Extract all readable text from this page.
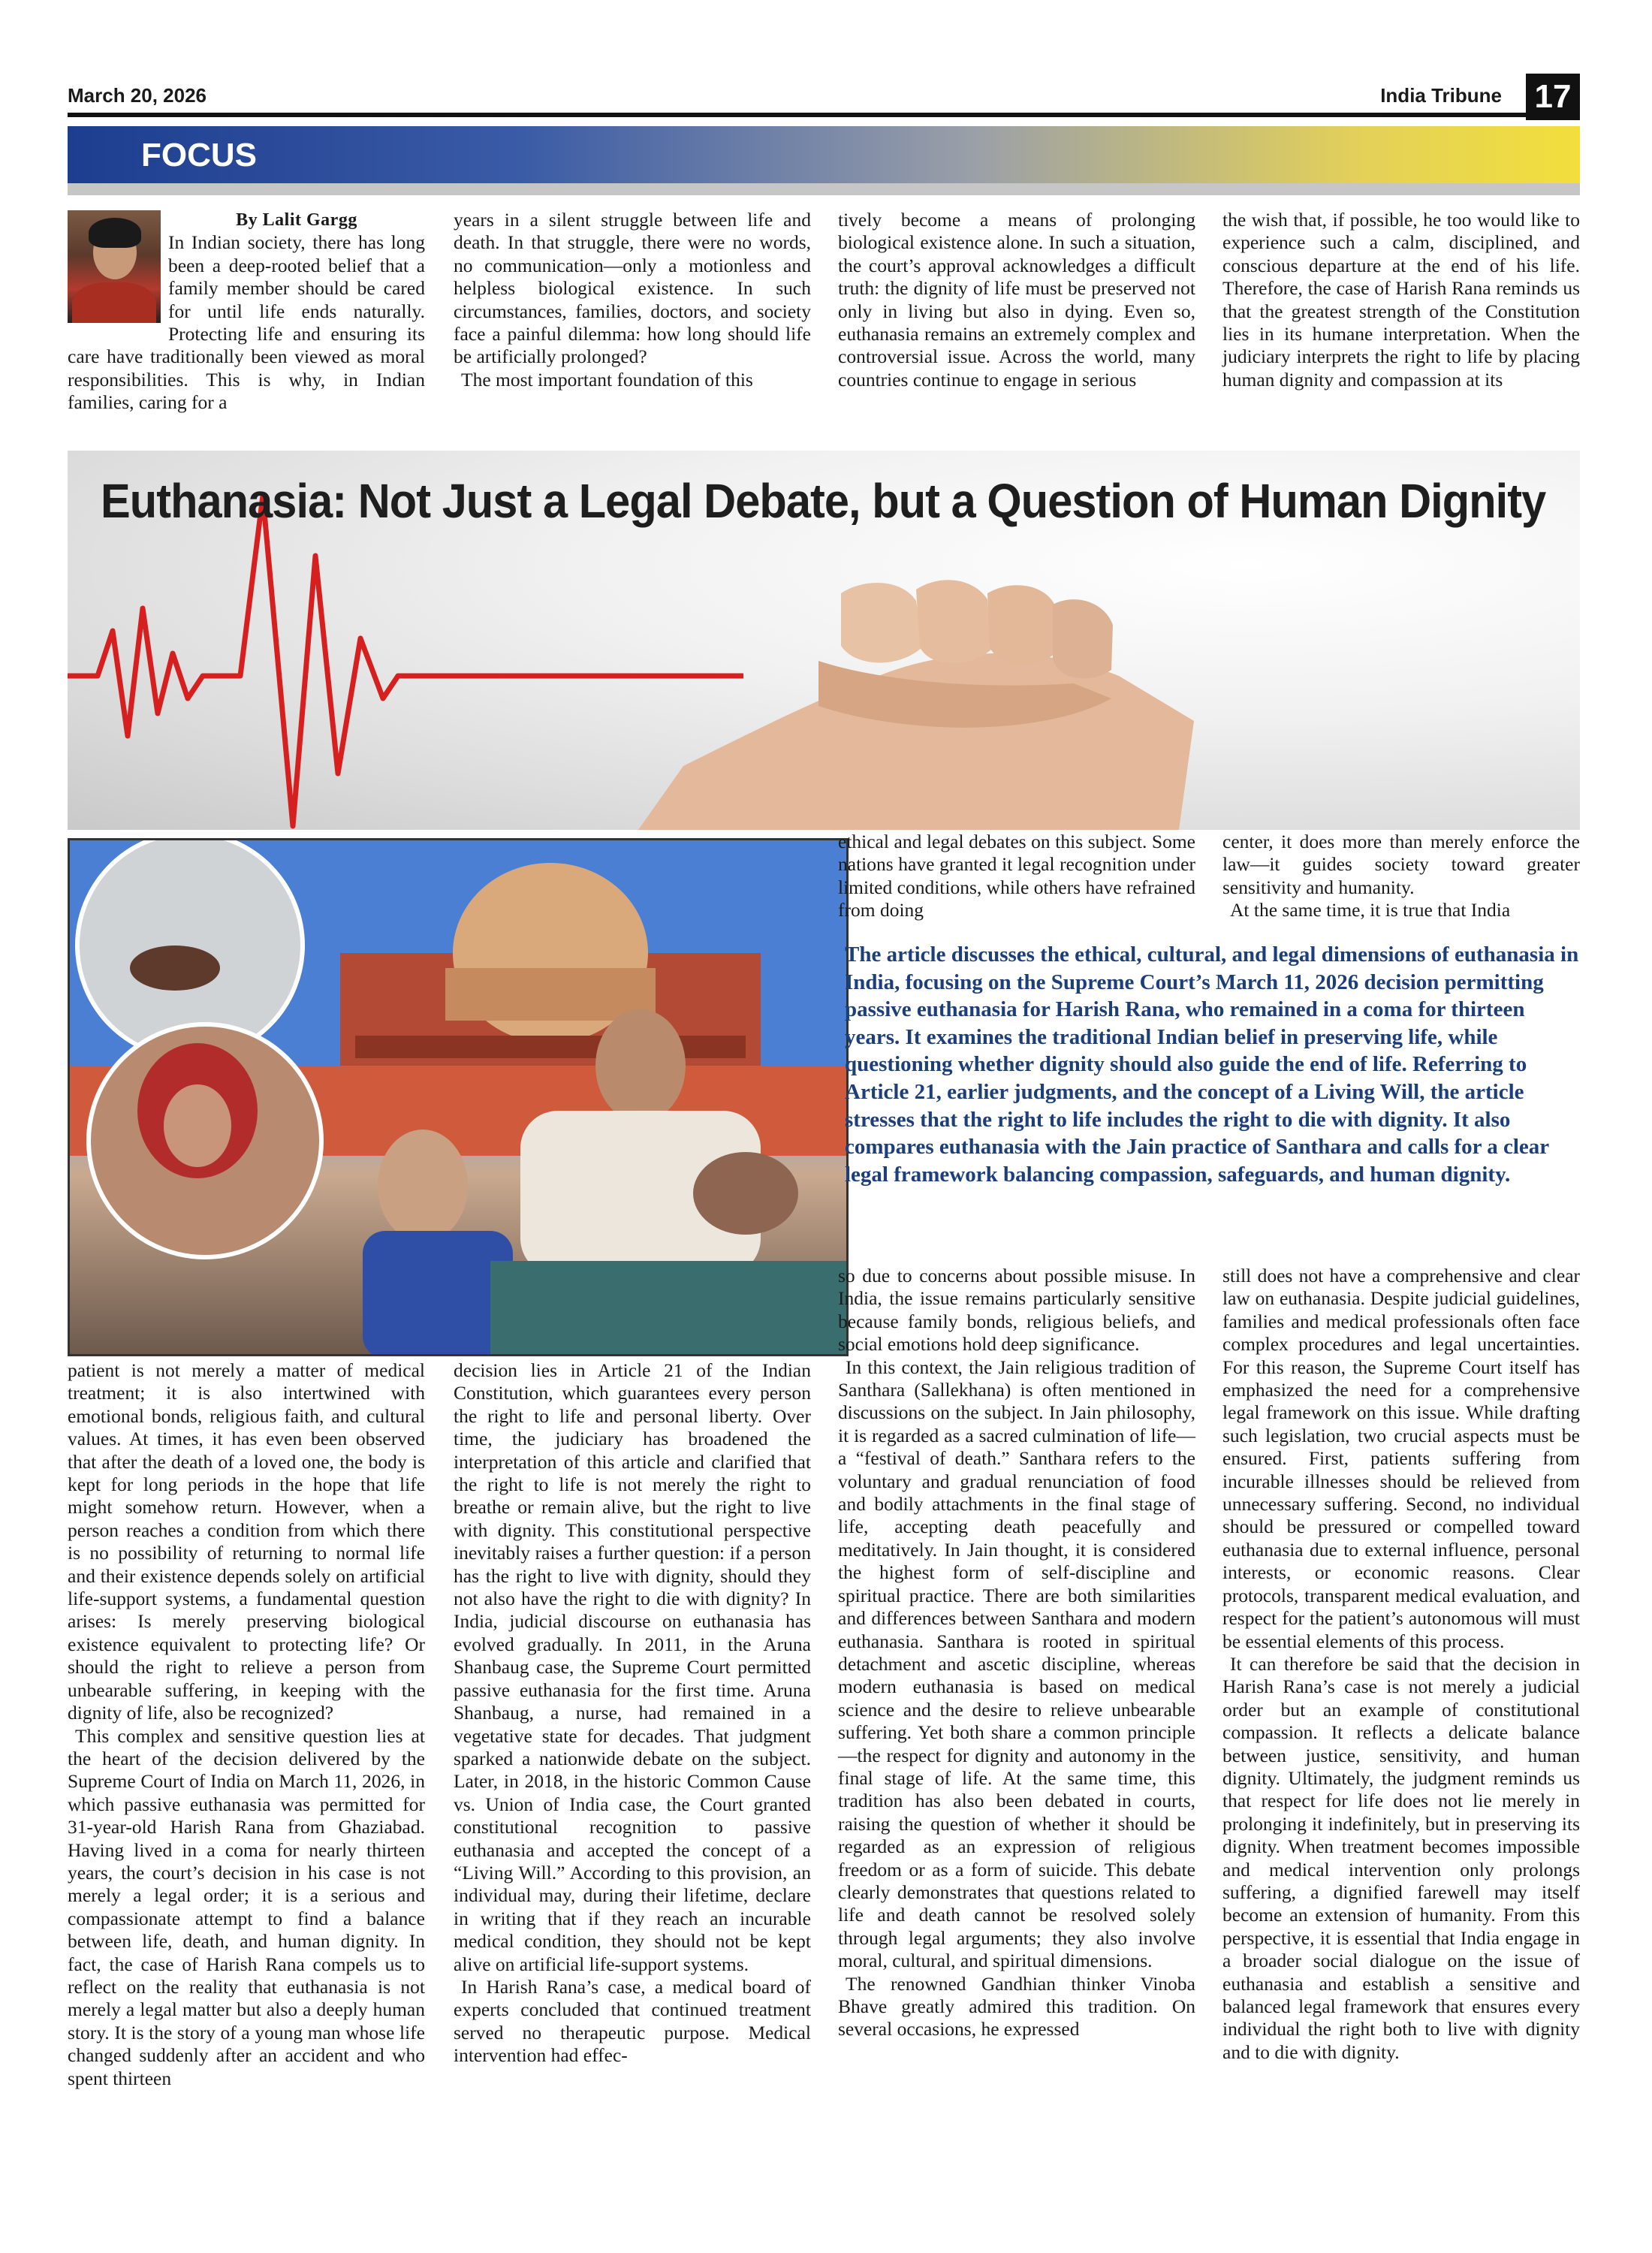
March 20, 2026	India Tribune 17
FOCUS
By Lalit Gargg

In Indian society, there has long been a deep-rooted belief that a family member should be cared for until life ends naturally. Protecting life and ensuring its care have traditionally been viewed as moral responsibilities. This is why, in Indian families, caring for a

years in a silent struggle between life and death. In that struggle, there were no words, no communication—only a motionless and helpless biological existence. In such circumstances, families, doctors, and society face a painful dilemma: how long should life be artificially prolonged?

The most important foundation of this

tively become a means of prolonging biological existence alone. In such a situation, the court’s approval acknowledges a difficult truth: the dignity of life must be preserved not only in living but also in dying. Even so, euthanasia remains an extremely complex and controversial issue. Across the world, many countries continue to engage in serious

the wish that, if possible, he too would like to experience such a calm, disciplined, and conscious departure at the end of his life. Therefore, the case of Harish Rana reminds us that the greatest strength of the Constitution lies in its humane interpretation. When the judiciary interprets the right to life by placing human dignity and compassion at its

Euthanasia: Not Just a Legal Debate, but a Question of Human Dignity

ethical and legal debates on this subject. Some nations have granted it legal recognition under limited conditions, while others have refrained from doing

center, it does more than merely enforce the law—it guides society toward greater sensitivity and humanity.

At the same time, it is true that India

The article discusses the ethical, cultural, and legal dimensions of euthanasia in India, focusing on the Supreme Court’s March 11, 2026 decision permitting passive euthanasia for Harish Rana, who remained in a coma for thirteen years. It examines the traditional Indian belief in preserving life, while questioning whether dignity should also guide the end of life. Referring to Article 21, earlier judgments, and the concept of a Living Will, the article stresses that the right to life includes the right to die with dignity. It also compares euthanasia with the Jain practice of Santhara and calls for a clear legal framework balancing compassion, safeguards, and human dignity.

patient is not merely a matter of medical treatment; it is also intertwined with emotional bonds, religious faith, and cultural values. At times, it has even been observed that after the death of a loved one, the body is kept for long periods in the hope that life might somehow return. However, when a person reaches a condition from which there is no possibility of returning to normal life and their existence depends solely on artificial life-support systems, a fundamental question arises: Is merely preserving biological existence equivalent to protecting life? Or should the right to relieve a person from unbearable suffering, in keeping with the dignity of life, also be recognized?

This complex and sensitive question lies at the heart of the decision delivered by the Supreme Court of India on March 11, 2026, in which passive euthanasia was permitted for 31-year-old Harish Rana from Ghaziabad. Having lived in a coma for nearly thirteen years, the court’s decision in his case is not merely a legal order; it is a serious and compassionate attempt to find a balance between life, death, and human dignity. In fact, the case of Harish Rana compels us to reflect on the reality that euthanasia is not merely a legal matter but also a deeply human story. It is the story of a young man whose life changed suddenly after an accident and who spent thirteen

decision lies in Article 21 of the Indian Constitution, which guarantees every person the right to life and personal liberty. Over time, the judiciary has broadened the interpretation of this article and clarified that the right to life is not merely the right to breathe or remain alive, but the right to live with dignity. This constitutional perspective inevitably raises a further question: if a person has the right to live with dignity, should they not also have the right to die with dignity? In India, judicial discourse on euthanasia has evolved gradually. In 2011, in the Aruna Shanbaug case, the Supreme Court permitted passive euthanasia for the first time. Aruna Shanbaug, a nurse, had remained in a vegetative state for decades. That judgment sparked a nationwide debate on the subject. Later, in 2018, in the historic Common Cause vs. Union of India case, the Court granted constitutional recognition to passive euthanasia and accepted the concept of a “Living Will.” According to this provision, an individual may, during their lifetime, declare in writing that if they reach an incurable medical condition, they should not be kept alive on artificial life-support systems.

In Harish Rana’s case, a medical board of experts concluded that continued treatment served no therapeutic purpose. Medical intervention had effec-

so due to concerns about possible misuse. In India, the issue remains particularly sensitive because family bonds, religious beliefs, and social emotions hold deep significance.

In this context, the Jain religious tradition of Santhara (Sallekhana) is often mentioned in discussions on the subject. In Jain philosophy, it is regarded as a sacred culmination of life—a “festival of death.” Santhara refers to the voluntary and gradual renunciation of food and bodily attachments in the final stage of life, accepting death peacefully and meditatively. In Jain thought, it is considered the highest form of self-discipline and spiritual practice. There are both similarities and differences between Santhara and modern euthanasia. Santhara is rooted in spiritual detachment and ascetic discipline, whereas modern euthanasia is based on medical science and the desire to relieve unbearable suffering. Yet both share a common principle—the respect for dignity and autonomy in the final stage of life. At the same time, this tradition has also been debated in courts, raising the question of whether it should be regarded as an expression of religious freedom or as a form of suicide. This debate clearly demonstrates that questions related to life and death cannot be resolved solely through legal arguments; they also involve moral, cultural, and spiritual dimensions.

The renowned Gandhian thinker Vinoba Bhave greatly admired this tradition. On several occasions, he expressed

still does not have a comprehensive and clear law on euthanasia. Despite judicial guidelines, families and medical professionals often face complex procedures and legal uncertainties. For this reason, the Supreme Court itself has emphasized the need for a comprehensive legal framework on this issue. While drafting such legislation, two crucial aspects must be ensured. First, patients suffering from incurable illnesses should be relieved from unnecessary suffering. Second, no individual should be pressured or compelled toward euthanasia due to external influence, personal interests, or economic reasons. Clear protocols, transparent medical evaluation, and respect for the patient’s autonomous will must be essential elements of this process.

It can therefore be said that the decision in Harish Rana’s case is not merely a judicial order but an example of constitutional compassion. It reflects a delicate balance between justice, sensitivity, and human dignity. Ultimately, the judgment reminds us that respect for life does not lie merely in prolonging it indefinitely, but in preserving its dignity. When treatment becomes impossible and medical intervention only prolongs suffering, a dignified farewell may itself become an extension of humanity. From this perspective, it is essential that India engage in a broader social dialogue on the issue of euthanasia and establish a sensitive and balanced legal framework that ensures every individual the right both to live with dignity and to die with dignity.
